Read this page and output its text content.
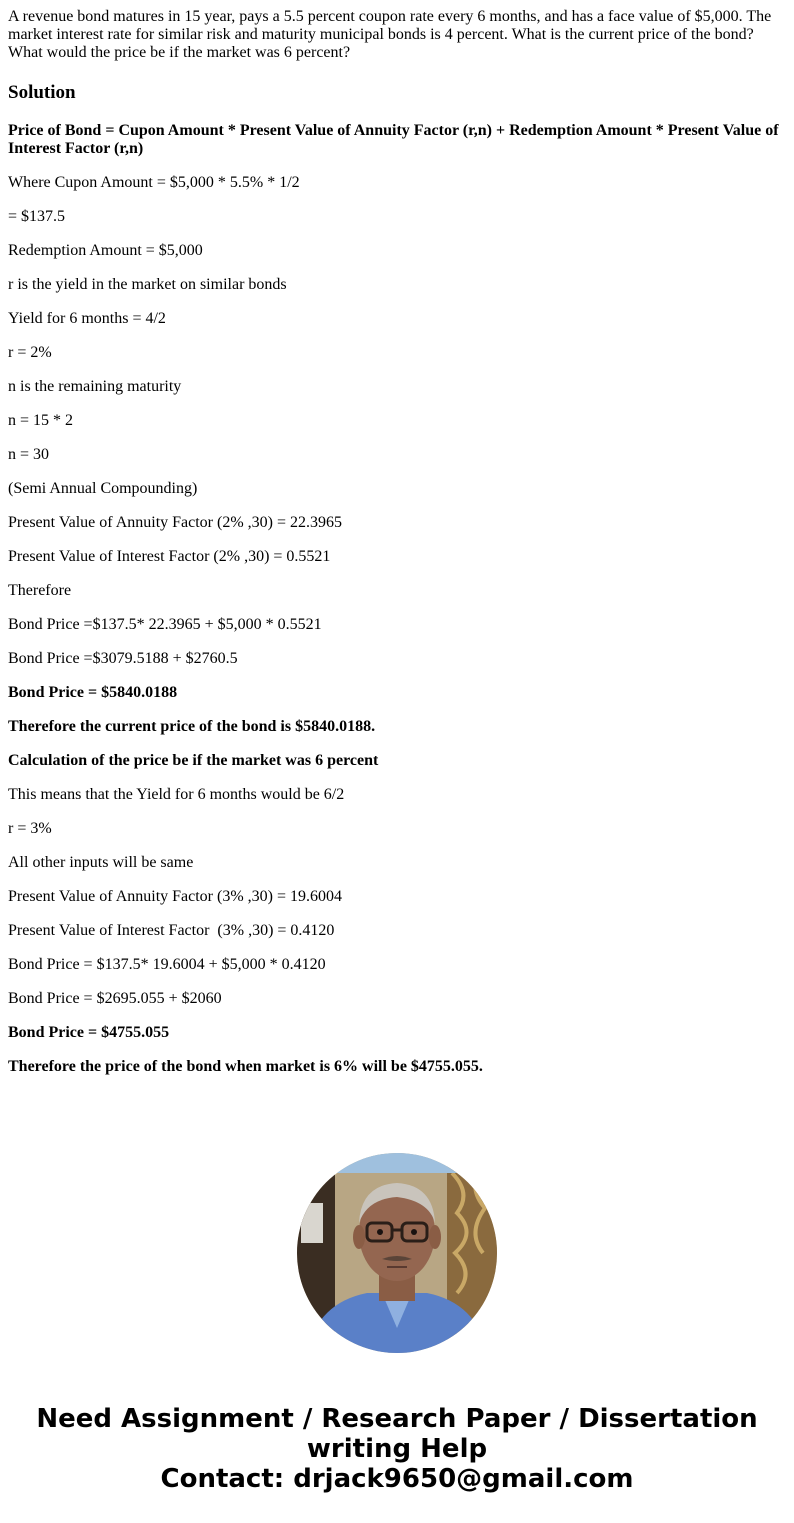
A revenue bond matures in 15 year, pays a 5.5 percent coupon rate every 6 months, and has a face value of $5,000. The market interest rate for similar risk and maturity municipal bonds is 4 percent. What is the current price of the bond? What would the price be if the market was 6 percent?
Solution
Price of Bond = Cupon Amount * Present Value of Annuity Factor (r,n) + Redemption Amount * Present Value of Interest Factor (r,n)
Where Cupon Amount = $5,000 * 5.5% * 1/2
= $137.5
Redemption Amount = $5,000
r is the yield in the market on similar bonds
Yield for 6 months = 4/2
r = 2%
n is the remaining maturity
n = 15 * 2
n = 30
(Semi Annual Compounding)
Present Value of Annuity Factor (2% ,30) = 22.3965
Present Value of Interest Factor (2% ,30) = 0.5521
Therefore
Bond Price =$137.5* 22.3965 + $5,000 * 0.5521
Bond Price =$3079.5188 + $2760.5
Bond Price = $5840.0188
Therefore the current price of the bond is $5840.0188.
Calculation of the price be if the market was 6 percent
This means that the Yield for 6 months would be 6/2
r = 3%
All other inputs will be same
Present Value of Annuity Factor (3% ,30) = 19.6004
Present Value of Interest Factor  (3% ,30) = 0.4120
Bond Price = $137.5* 19.6004 + $5,000 * 0.4120
Bond Price = $2695.055 + $2060
Bond Price = $4755.055
Therefore the price of the bond when market is 6% will be $4755.055.
Need Assignment / Research Paper / Dissertation
writing Help
Contact: drjack9650@gmail.com
